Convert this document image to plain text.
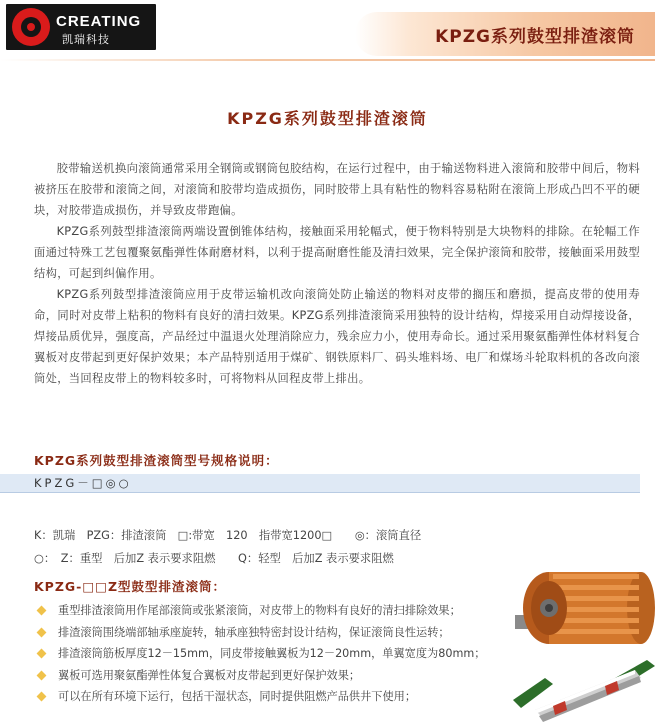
CREATING
凯瑞科技	KPZG系列鼓型排渣滚筒
KPZG系列鼓型排渣滚筒

胶带输送机换向滚筒通常采用全钢筒或钢筒包胶结构，在运行过程中，由于输送物料进入滚筒和胶带中间后，物料被挤压在胶带和滚筒之间，对滚筒和胶带均造成损伤，同时胶带上具有粘性的物料容易粘附在滚筒上形成凸凹不平的硬块，对胶带造成损伤，并导致皮带跑偏。

KPZG系列鼓型排渣滚筒两端设置倒锥体结构，接触面采用轮幅式，便于物料特别是大块物料的排除。在轮幅工作面通过特殊工艺包覆聚氨酯弹性体耐磨材料，以利于提高耐磨性能及清扫效果，完全保护滚筒和胶带，接触面采用鼓型结构，可起到纠偏作用。

KPZG系列鼓型排渣滚筒应用于皮带运输机改向滚筒处防止输送的物料对皮带的搁压和磨损，提高皮带的使用寿命，同时对皮带上粘积的物料有良好的清扫效果。KPZG系列排渣滚筒采用独特的设计结构，焊接采用自动焊接设备，焊接品质优异，强度高，产品经过中温退火处理消除应力，残余应力小，使用寿命长。通过采用聚氨酯弹性体材料复合翼板对皮带起到更好保护效果；本产品特别适用于煤矿、钢铁原料厂、码头堆料场、电厂和煤场斗轮取料机的各改向滚筒处，当回程皮带上的物料较多时，可将物料从回程皮带上排出。

KPZG系列鼓型排渣滚筒型号规格说明：
KPZG－□◎○
K：凯瑞　PZG：排渣滚筒　□:带宽　120　指带宽1200□　　◎：滚筒直径
○：　Z：重型　后加Z 表示要求阻燃　　Q：轻型　后加Z 表示要求阻燃
KPZG-□□Z型鼓型排渣滚筒：
重型排渣滚筒用作尾部滚筒或张紧滚筒，对皮带上的物料有良好的清扫排除效果；
排渣滚筒围绕端部轴承座旋转，轴承座独特密封设计结构，保证滚筒良性运转；
排渣滚筒筋板厚度12－15mm，同皮带接触翼板为12－20mm，单翼宽度为80mm；
翼板可选用聚氨酯弹性体复合翼板对皮带起到更好保护效果；
可以在所有环境下运行，包括干湿状态，同时提供阻燃产品供井下使用；
